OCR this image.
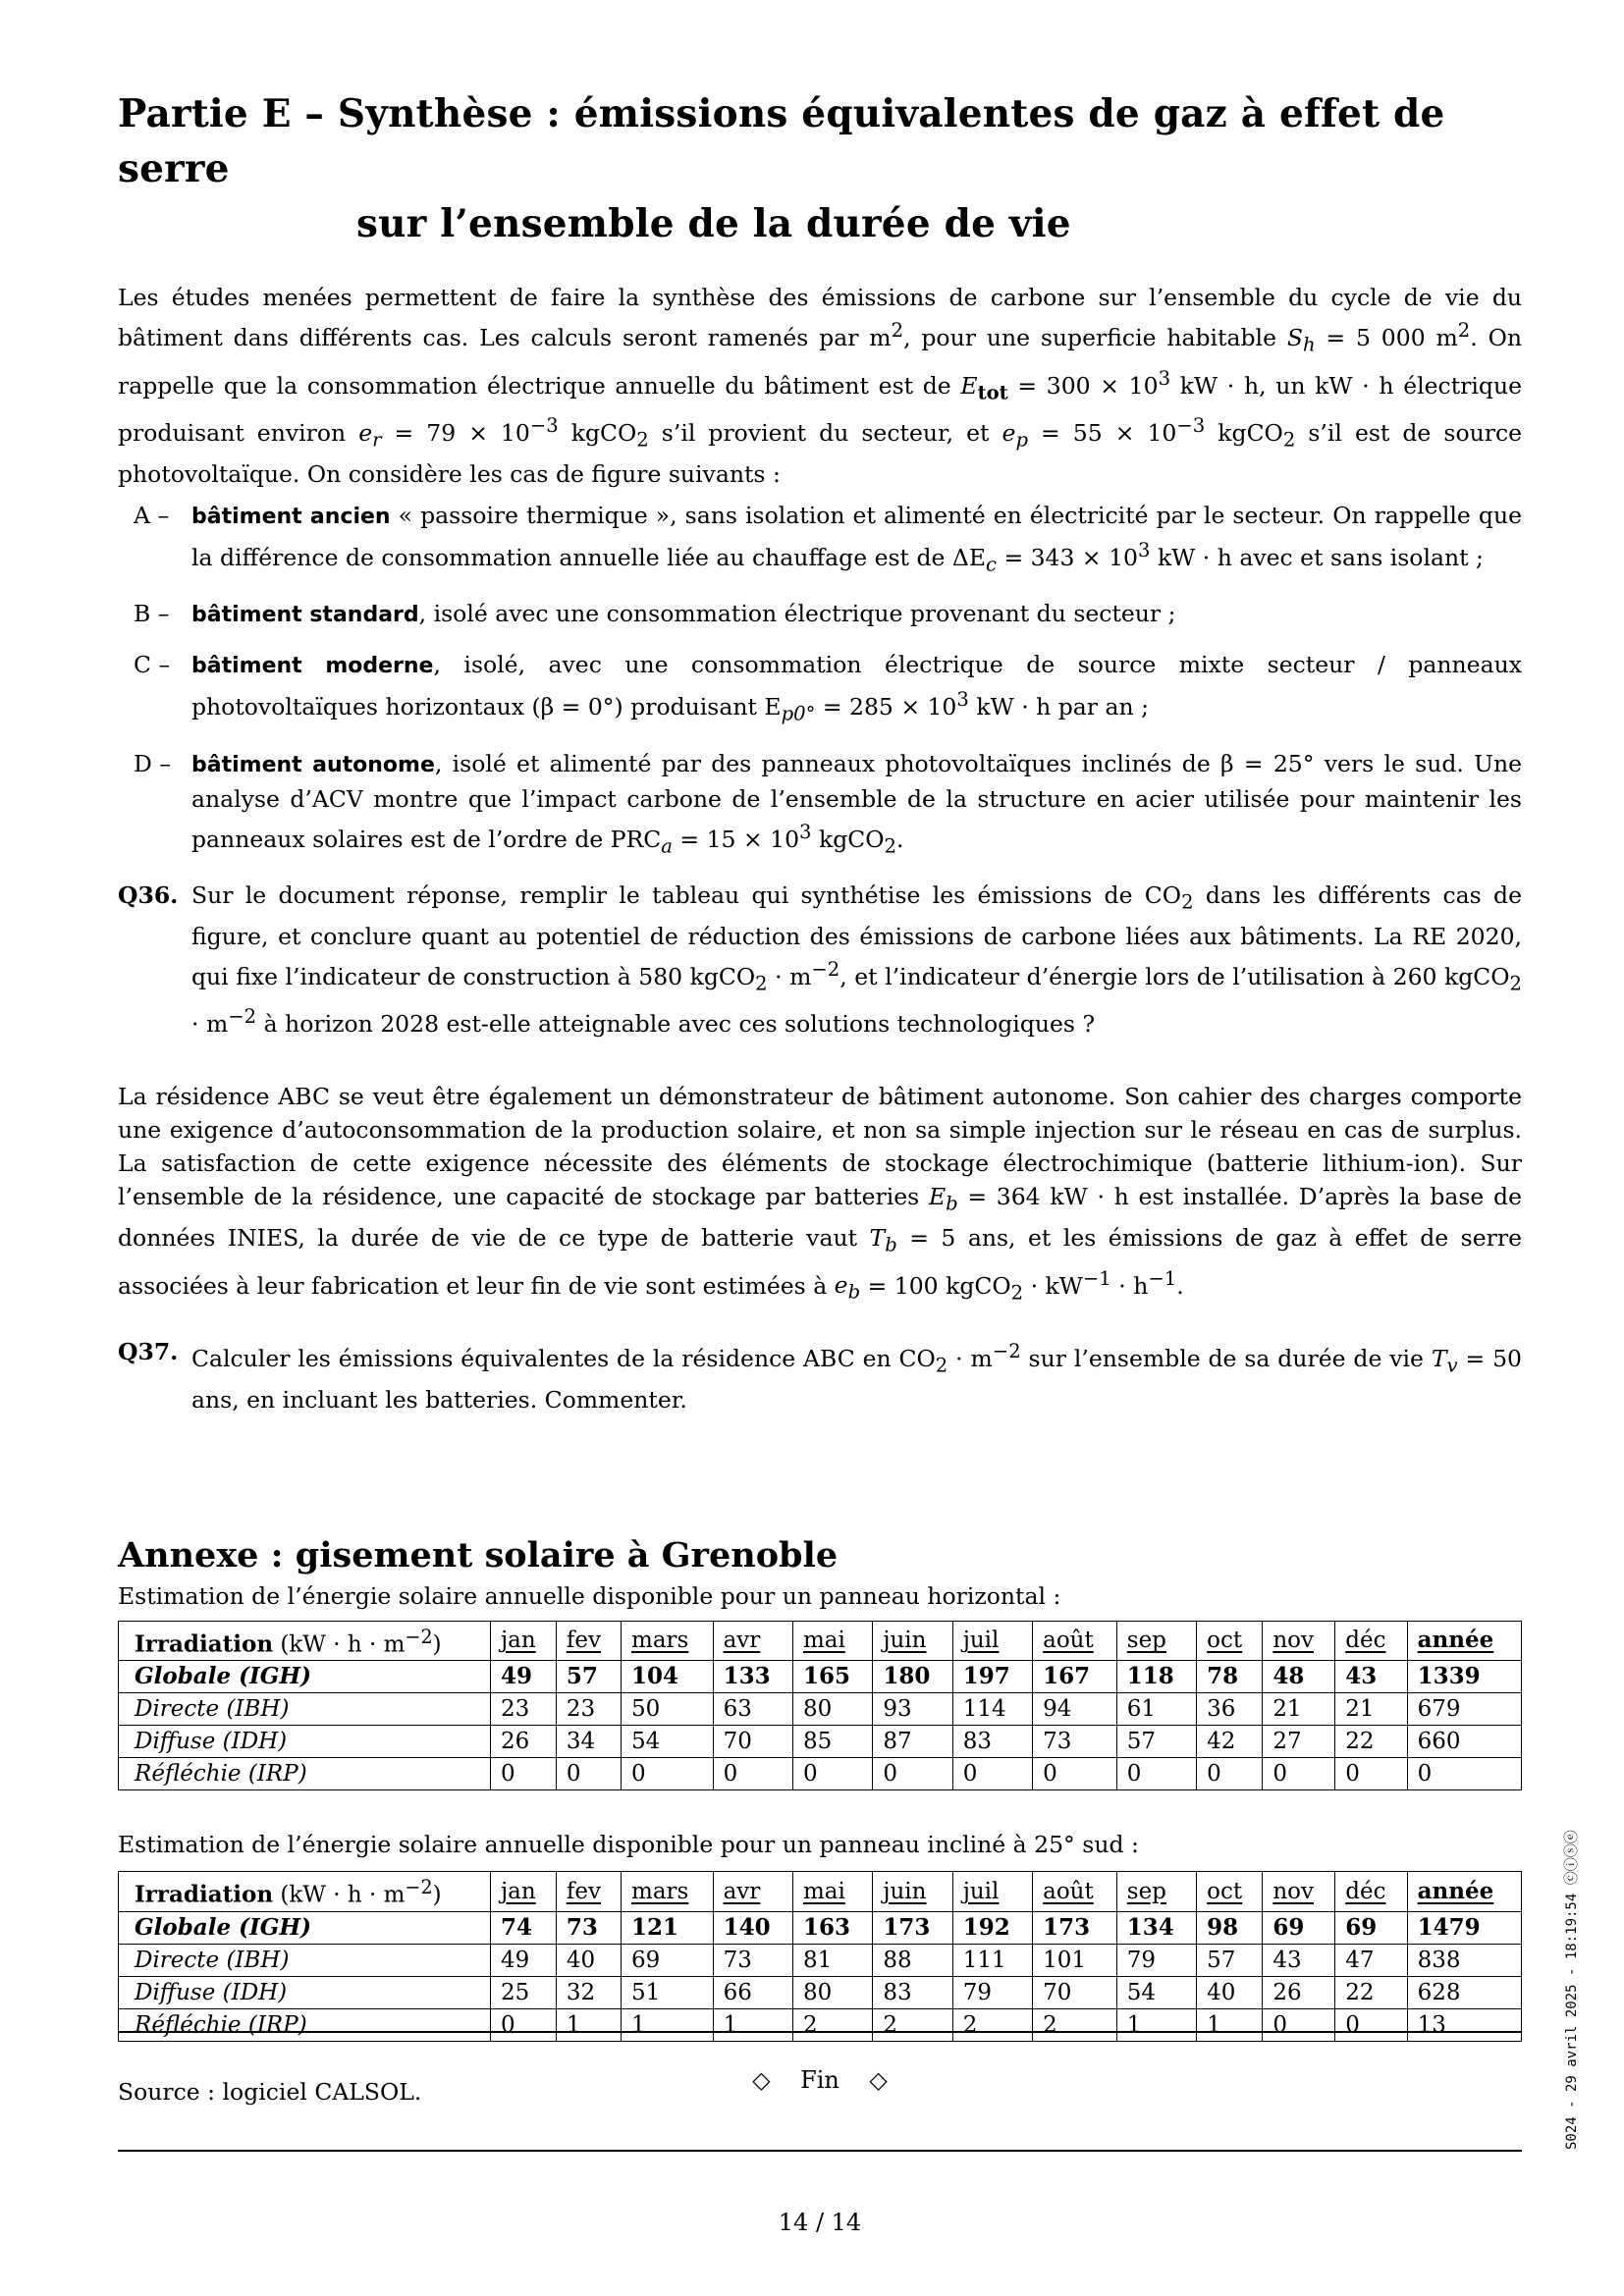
Partie E – Synthèse : émissions équivalentes de gaz à effet de serre
sur l’ensemble de la durée de vie

Les études menées permettent de faire la synthèse des émissions de carbone sur l’ensemble du cycle de vie du bâtiment dans différents cas. Les calculs seront ramenés par $m^2$, pour une superficie habitable $S_h = 5$ 000 $m^2$. On rappelle que la consommation électrique annuelle du bâtiment est de $E_{tot} = 300 \times 10^3$ kW · h, un kW · h électrique produisant environ $e_r = 79 \times 10^{-3}$ kgCO$_2$ s’il provient du secteur, et $e_p = 55 \times 10^{-3}$ kgCO$_2$ s’il est de source photovoltaïque. On considère les cas de figure suivants :

A –	bâtiment ancien « passoire thermique », sans isolation et alimenté en électricité par le secteur. On rappelle que la différence de consommation annuelle liée au chauffage est de $\Delta E_c = 343 \times 10^3$ kW · h avec et sans isolant ;
B –	bâtiment standard, isolé avec une consommation électrique provenant du secteur ;
C – bâtiment moderne, isolé, avec une consommation électrique de source mixte secteur / panneaux photovoltaïques horizontaux (β = 0°) produisant $E_{p0^\circ} = 285 \times 10^3$ kW · h par an ;
D – bâtiment autonome, isolé et alimenté par des panneaux photovoltaïques inclinés de β = 25° vers le sud. Une analyse d’ACV montre que l’impact carbone de l’ensemble de la structure en acier utilisée pour maintenir les panneaux solaires est de l’ordre de $PRC_a = 15 \times 10^3$ kgCO$_2$.
Q36. Sur le document réponse, remplir le tableau qui synthétise les émissions de $CO_2$ dans les différents cas de figure, et conclure quant au potentiel de réduction des émissions de carbone liées aux bâtiments. La RE 2020, qui fixe l’indicateur de construction à 580 kgCO$_2$ · $m^{-2}$, et l’indicateur d’énergie lors de l’utilisation à 260 kgCO$_2$ · $m^{-2}$ à horizon 2028 est-elle atteignable avec ces solutions technologiques ?

La résidence ABC se veut être également un démonstrateur de bâtiment autonome. Son cahier des charges comporte une exigence d’autoconsommation de la production solaire, et non sa simple injection sur le réseau en cas de surplus. La satisfaction de cette exigence nécessite des éléments de stockage électrochimique (batterie lithium-ion). Sur l’ensemble de la résidence, une capacité de stockage par batteries $E_b = 364$ kW · h est installée. D’après la base de données INIES, la durée de vie de ce type de batterie vaut $T_b = 5$ ans, et les émissions de gaz à effet de serre associées à leur fabrication et leur fin de vie sont estimées à $e_b = 100$ kgCO$_2$ · $kW^{-1} \cdot h^{-1}$.

Q37. Calculer les émissions équivalentes de la résidence ABC en $CO_2 \cdot m^{-2}$ sur l’ensemble de sa durée de vie $T_v = 50$ ans, en incluant les batteries. Commenter.
Annexe : gisement solaire à Grenoble

Estimation de l’énergie solaire annuelle disponible pour un panneau horizontal :

Irradiation $(kW \cdot h \cdot m^{-2})$	jan	fev	mars	avr	mai	juin	juil	août	sep	oct	nov	déc	année
Globale (IGH)	49	57	104	133	165	180	197	167	118	78	48	43	1339
Directe (IBH)	23	23	50	63	80	93	114	94	61	36	21	21	679
Diffuse (IDH)	26	34	54	70	85	87	83	73	57	42	27	22	660
Réfléchie (IRP)	0	0	0	0	0	0	0	0	0	0	0	0	0

Estimation de l’énergie solaire annuelle disponible pour un panneau incliné à 25° sud :

Irradiation $(kW \cdot h \cdot m^{-2})$	jan	fev	mars	avr	mai	juin	juil	août	sep	oct	nov	déc	année
Globale (IGH)	74	73	121	140	163	173	192	173	134	98	69	69	1479
Directe (IBH)	49	40	69	73	81	88	111	101	79	57	43	47	838
Diffuse (IDH)	25	32	51	66	80	83	79	70	54	40	26	22	628
Réfléchie (IRP)	0	1	1	1	2	2	2	2	1	1	0	0	13

Source : logiciel CALSOL.	◇    Fin    ◇
14 / 14
S024 - 29 avril 2025 - 18:19:54 ⓒⓘⓢⓔ
